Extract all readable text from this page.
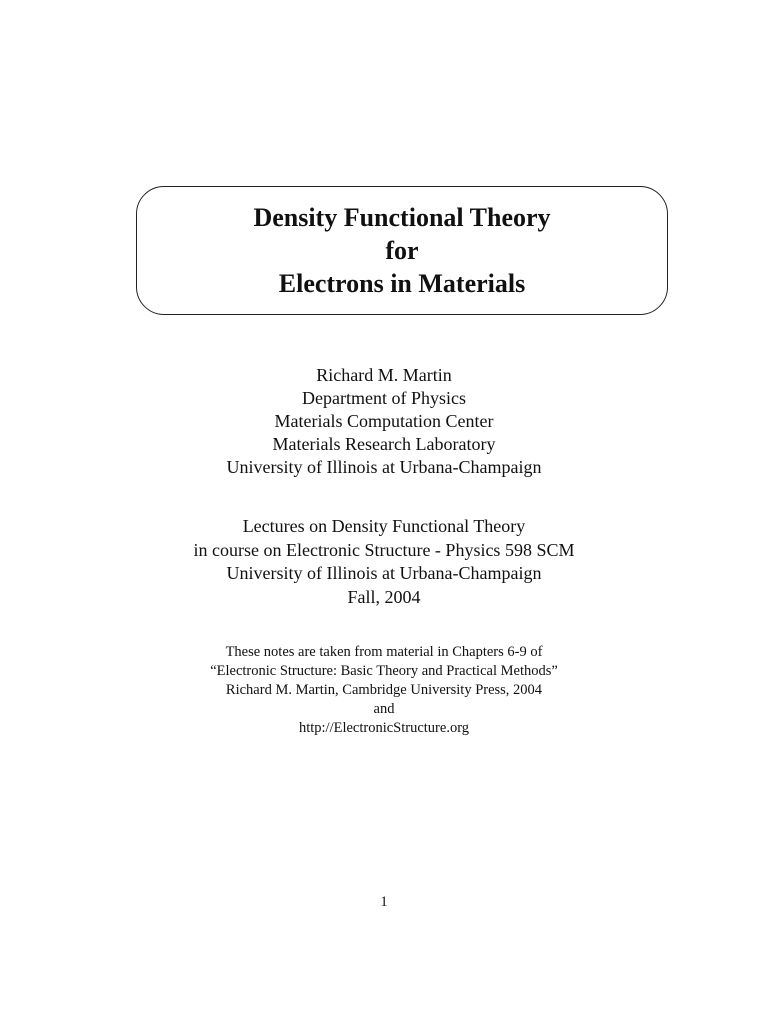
Density Functional Theory
for
Electrons in Materials
Richard M. Martin
Department of Physics
Materials Computation Center
Materials Research Laboratory
University of Illinois at Urbana-Champaign
Lectures on Density Functional Theory
in course on Electronic Structure - Physics 598 SCM
University of Illinois at Urbana-Champaign
Fall, 2004
These notes are taken from material in Chapters 6-9 of
“Electronic Structure: Basic Theory and Practical Methods”
Richard M. Martin, Cambridge University Press, 2004
and
http://ElectronicStructure.org
1
